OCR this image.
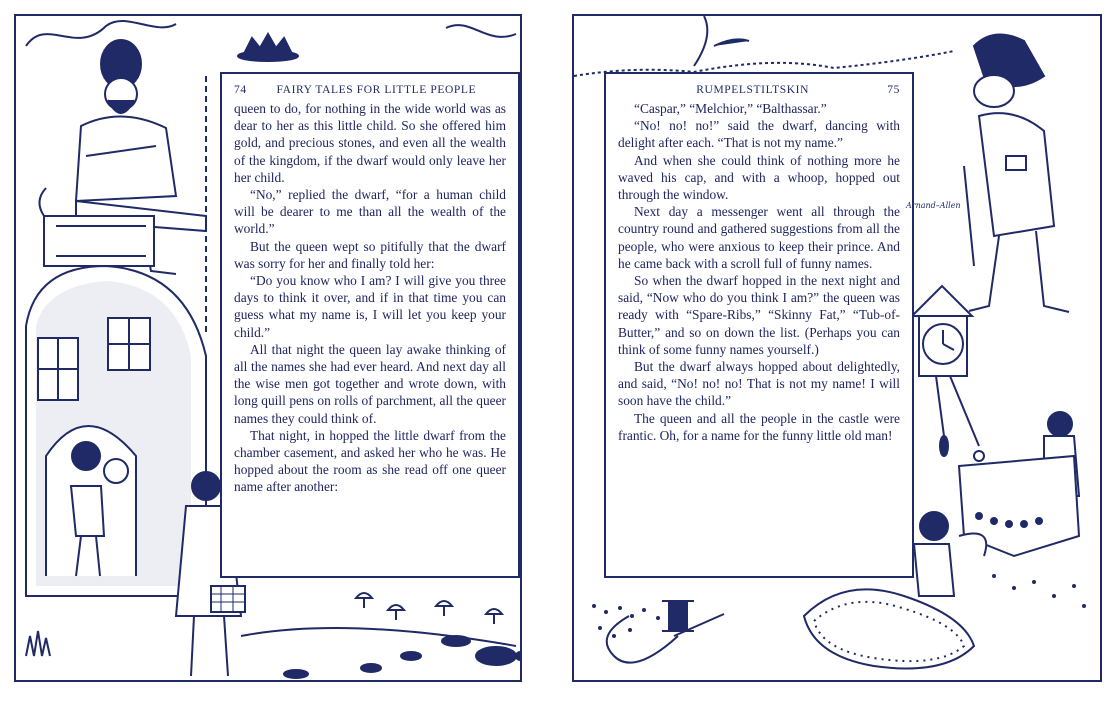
74	FAIRY TALES FOR LITTLE PEOPLE

queen to do, for nothing in the wide world was as dear to her as this little child. So she offered him gold, and precious stones, and even all the wealth of the kingdom, if the dwarf would only leave her her child.

“No,” replied the dwarf, “for a human child will be dearer to me than all the wealth of the world.”

But the queen wept so pitifully that the dwarf was sorry for her and finally told her:

“Do you know who I am? I will give you three days to think it over, and if in that time you can guess what my name is, I will let you keep your child.”

All that night the queen lay awake thinking of all the names she had ever heard. And next day all the wise men got together and wrote down, with long quill pens on rolls of parchment, all the queer names they could think of.

That night, in hopped the little dwarf from the chamber casement, and asked her who he was. He hopped about the room as she read off one queer name after another:

RUMPELSTILTSKIN	75

“Caspar,” “Melchior,” “Balthassar.”

“No! no! no!” said the dwarf, dancing with delight after each. “That is not my name.”

And when she could think of nothing more he waved his cap, and with a whoop, hopped out through the window.

Next day a messenger went all through the country round and gathered suggestions from all the people, who were anxious to keep their prince. And he came back with a scroll full of funny names.

So when the dwarf hopped in the next night and said, “Now who do you think I am?” the queen was ready with “Spare-Ribs,” “Skinny Fat,” “Tub-of-Butter,” and so on down the list. (Perhaps you can think of some funny names yourself.)

But the dwarf always hopped about delightedly, and said, “No! no! no! That is not my name! I will soon have the child.”

The queen and all the people in the castle were frantic. Oh, for a name for the funny little old man!

Arnand–Allen
